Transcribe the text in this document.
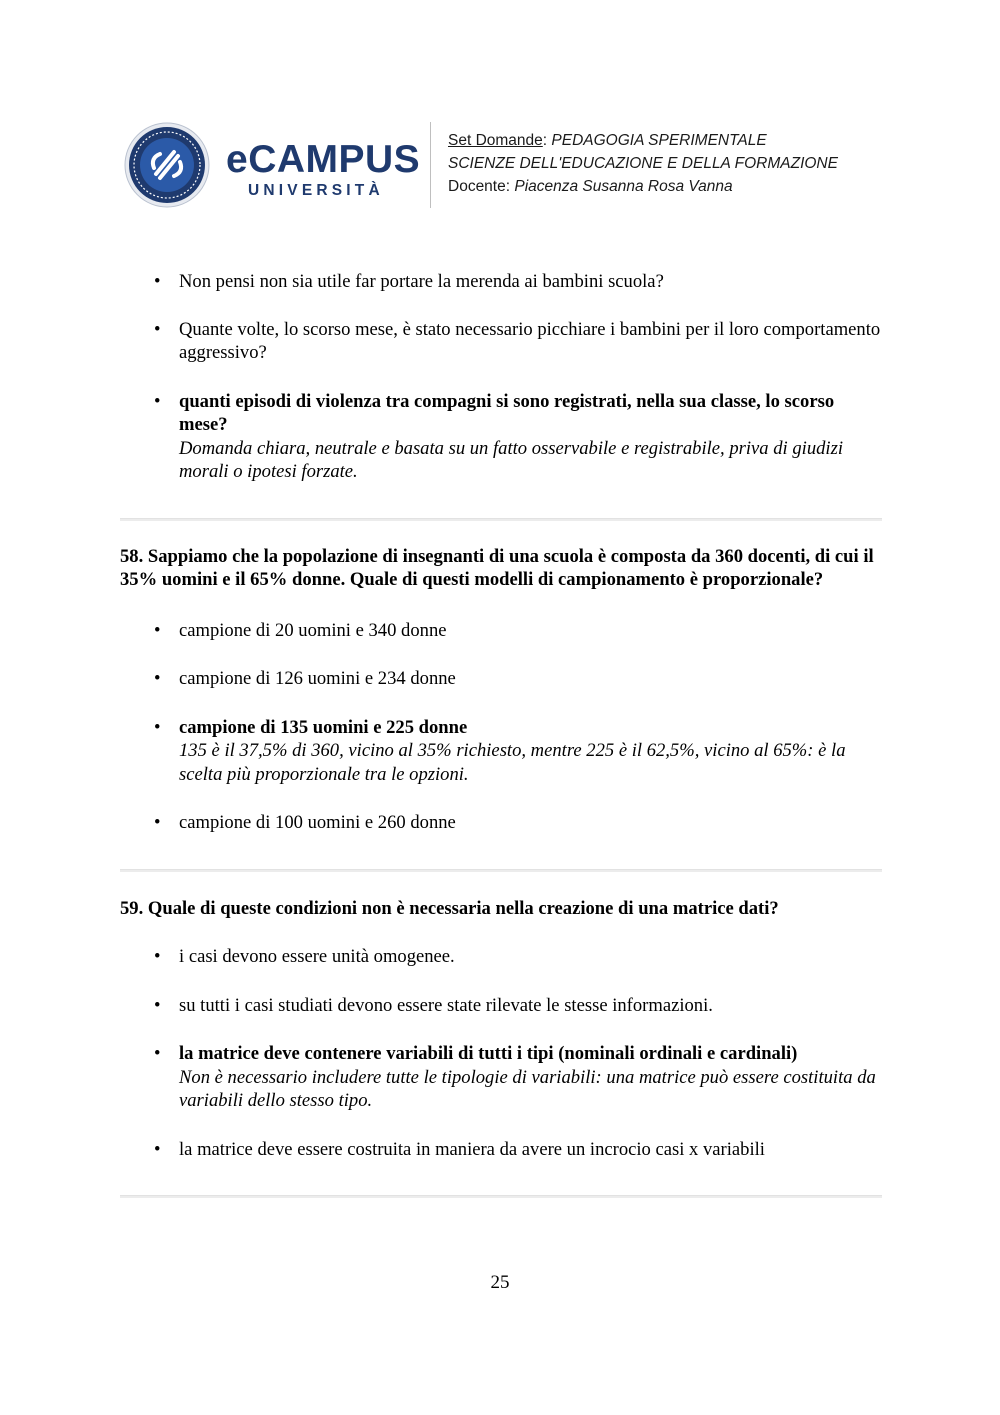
eCAMPUS
UNIVERSITÀ
Set Domande: PEDAGOGIA SPERIMENTALE
SCIENZE DELL'EDUCAZIONE E DELLA FORMAZIONE
Docente: Piacenza Susanna Rosa Vanna
• Non pensi non sia utile far portare la merenda ai bambini scuola?
• Quante volte, lo scorso mese, è stato necessario picchiare i bambini per il loro comportamento aggressivo?
• quanti episodi di violenza tra compagni si sono registrati, nella sua classe, lo scorso mese?
Domanda chiara, neutrale e basata su un fatto osservabile e registrabile, priva di giudizi morali o ipotesi forzate.

58. Sappiamo che la popolazione di insegnanti di una scuola è composta da 360 docenti, di cui il 35% uomini e il 65% donne. Quale di questi modelli di campionamento è proporzionale?

• campione di 20 uomini e 340 donne
• campione di 126 uomini e 234 donne
• campione di 135 uomini e 225 donne
135 è il 37,5% di 360, vicino al 35% richiesto, mentre 225 è il 62,5%, vicino al 65%: è la scelta più proporzionale tra le opzioni.
• campione di 100 uomini e 260 donne

59. Quale di queste condizioni non è necessaria nella creazione di una matrice dati?

• i casi devono essere unità omogenee.
• su tutti i casi studiati devono essere state rilevate le stesse informazioni.
• la matrice deve contenere variabili di tutti i tipi (nominali ordinali e cardinali)
Non è necessario includere tutte le tipologie di variabili: una matrice può essere costituita da variabili dello stesso tipo.
• la matrice deve essere costruita in maniera da avere un incrocio casi x variabili
25
